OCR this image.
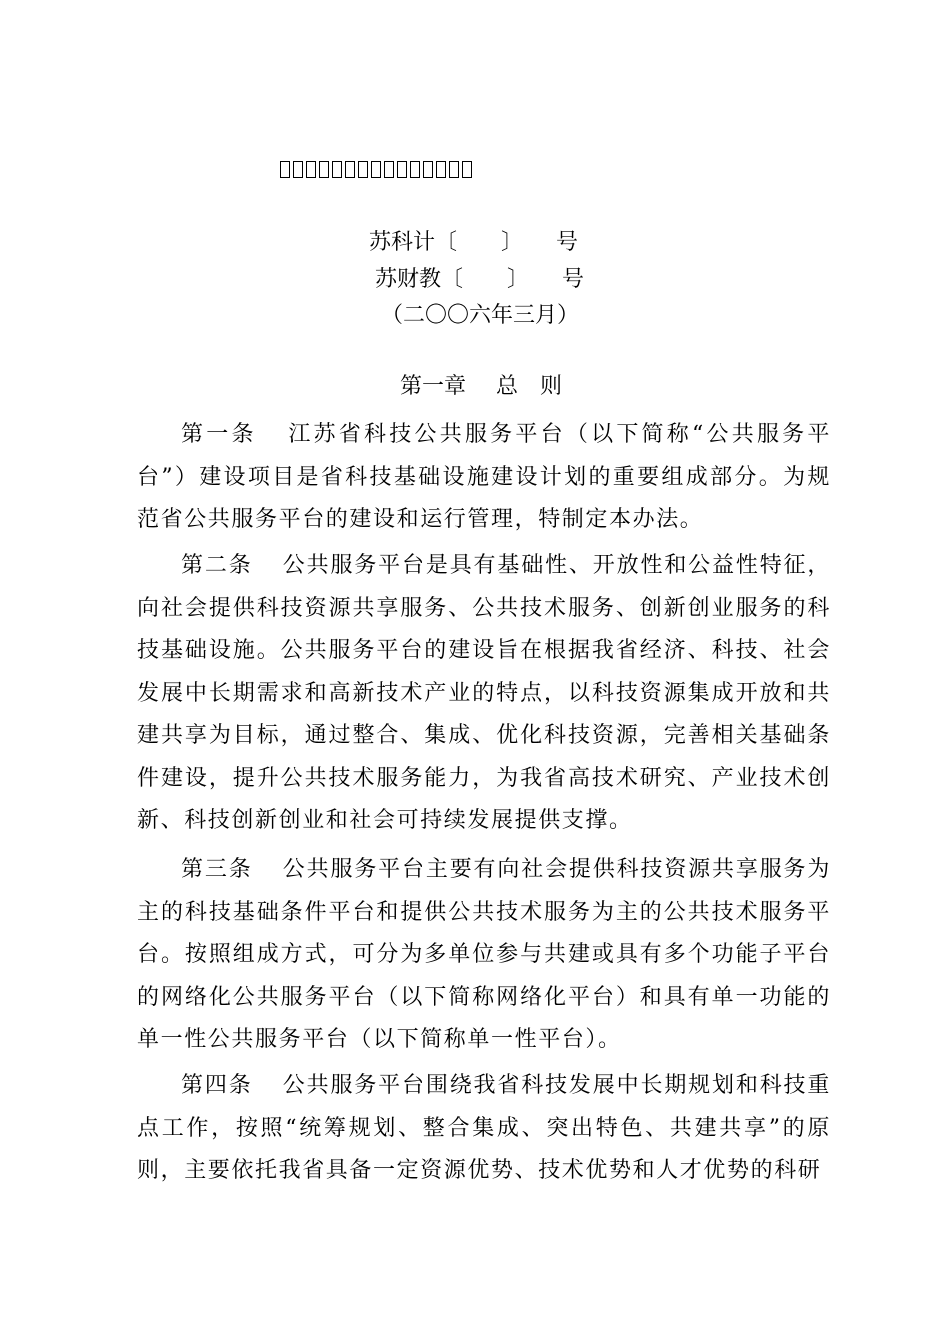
苏科计〔　　〕　　号
苏财教〔　　〕　　号
（二〇〇六年三月）
第一章 总　则

第一条 江苏省科技公共服务平台（以下简称“公共服务平台”）建设项目是省科技基础设施建设计划的重要组成部分。为规范省公共服务平台的建设和运行管理，特制定本办法。

第二条 公共服务平台是具有基础性、开放性和公益性特征，向社会提供科技资源共享服务、公共技术服务、创新创业服务的科技基础设施。公共服务平台的建设旨在根据我省经济、科技、社会发展中长期需求和高新技术产业的特点，以科技资源集成开放和共建共享为目标，通过整合、集成、优化科技资源，完善相关基础条件建设，提升公共技术服务能力，为我省高技术研究、产业技术创新、科技创新创业和社会可持续发展提供支撑。

第三条 公共服务平台主要有向社会提供科技资源共享服务为主的科技基础条件平台和提供公共技术服务为主的公共技术服务平台。按照组成方式，可分为多单位参与共建或具有多个功能子平台的网络化公共服务平台（以下简称网络化平台）和具有单一功能的单一性公共服务平台（以下简称单一性平台）。

第四条 公共服务平台围绕我省科技发展中长期规划和科技重点工作，按照“统筹规划、整合集成、突出特色、共建共享”的原则，主要依托我省具备一定资源优势、技术优势和人才优势的科研
